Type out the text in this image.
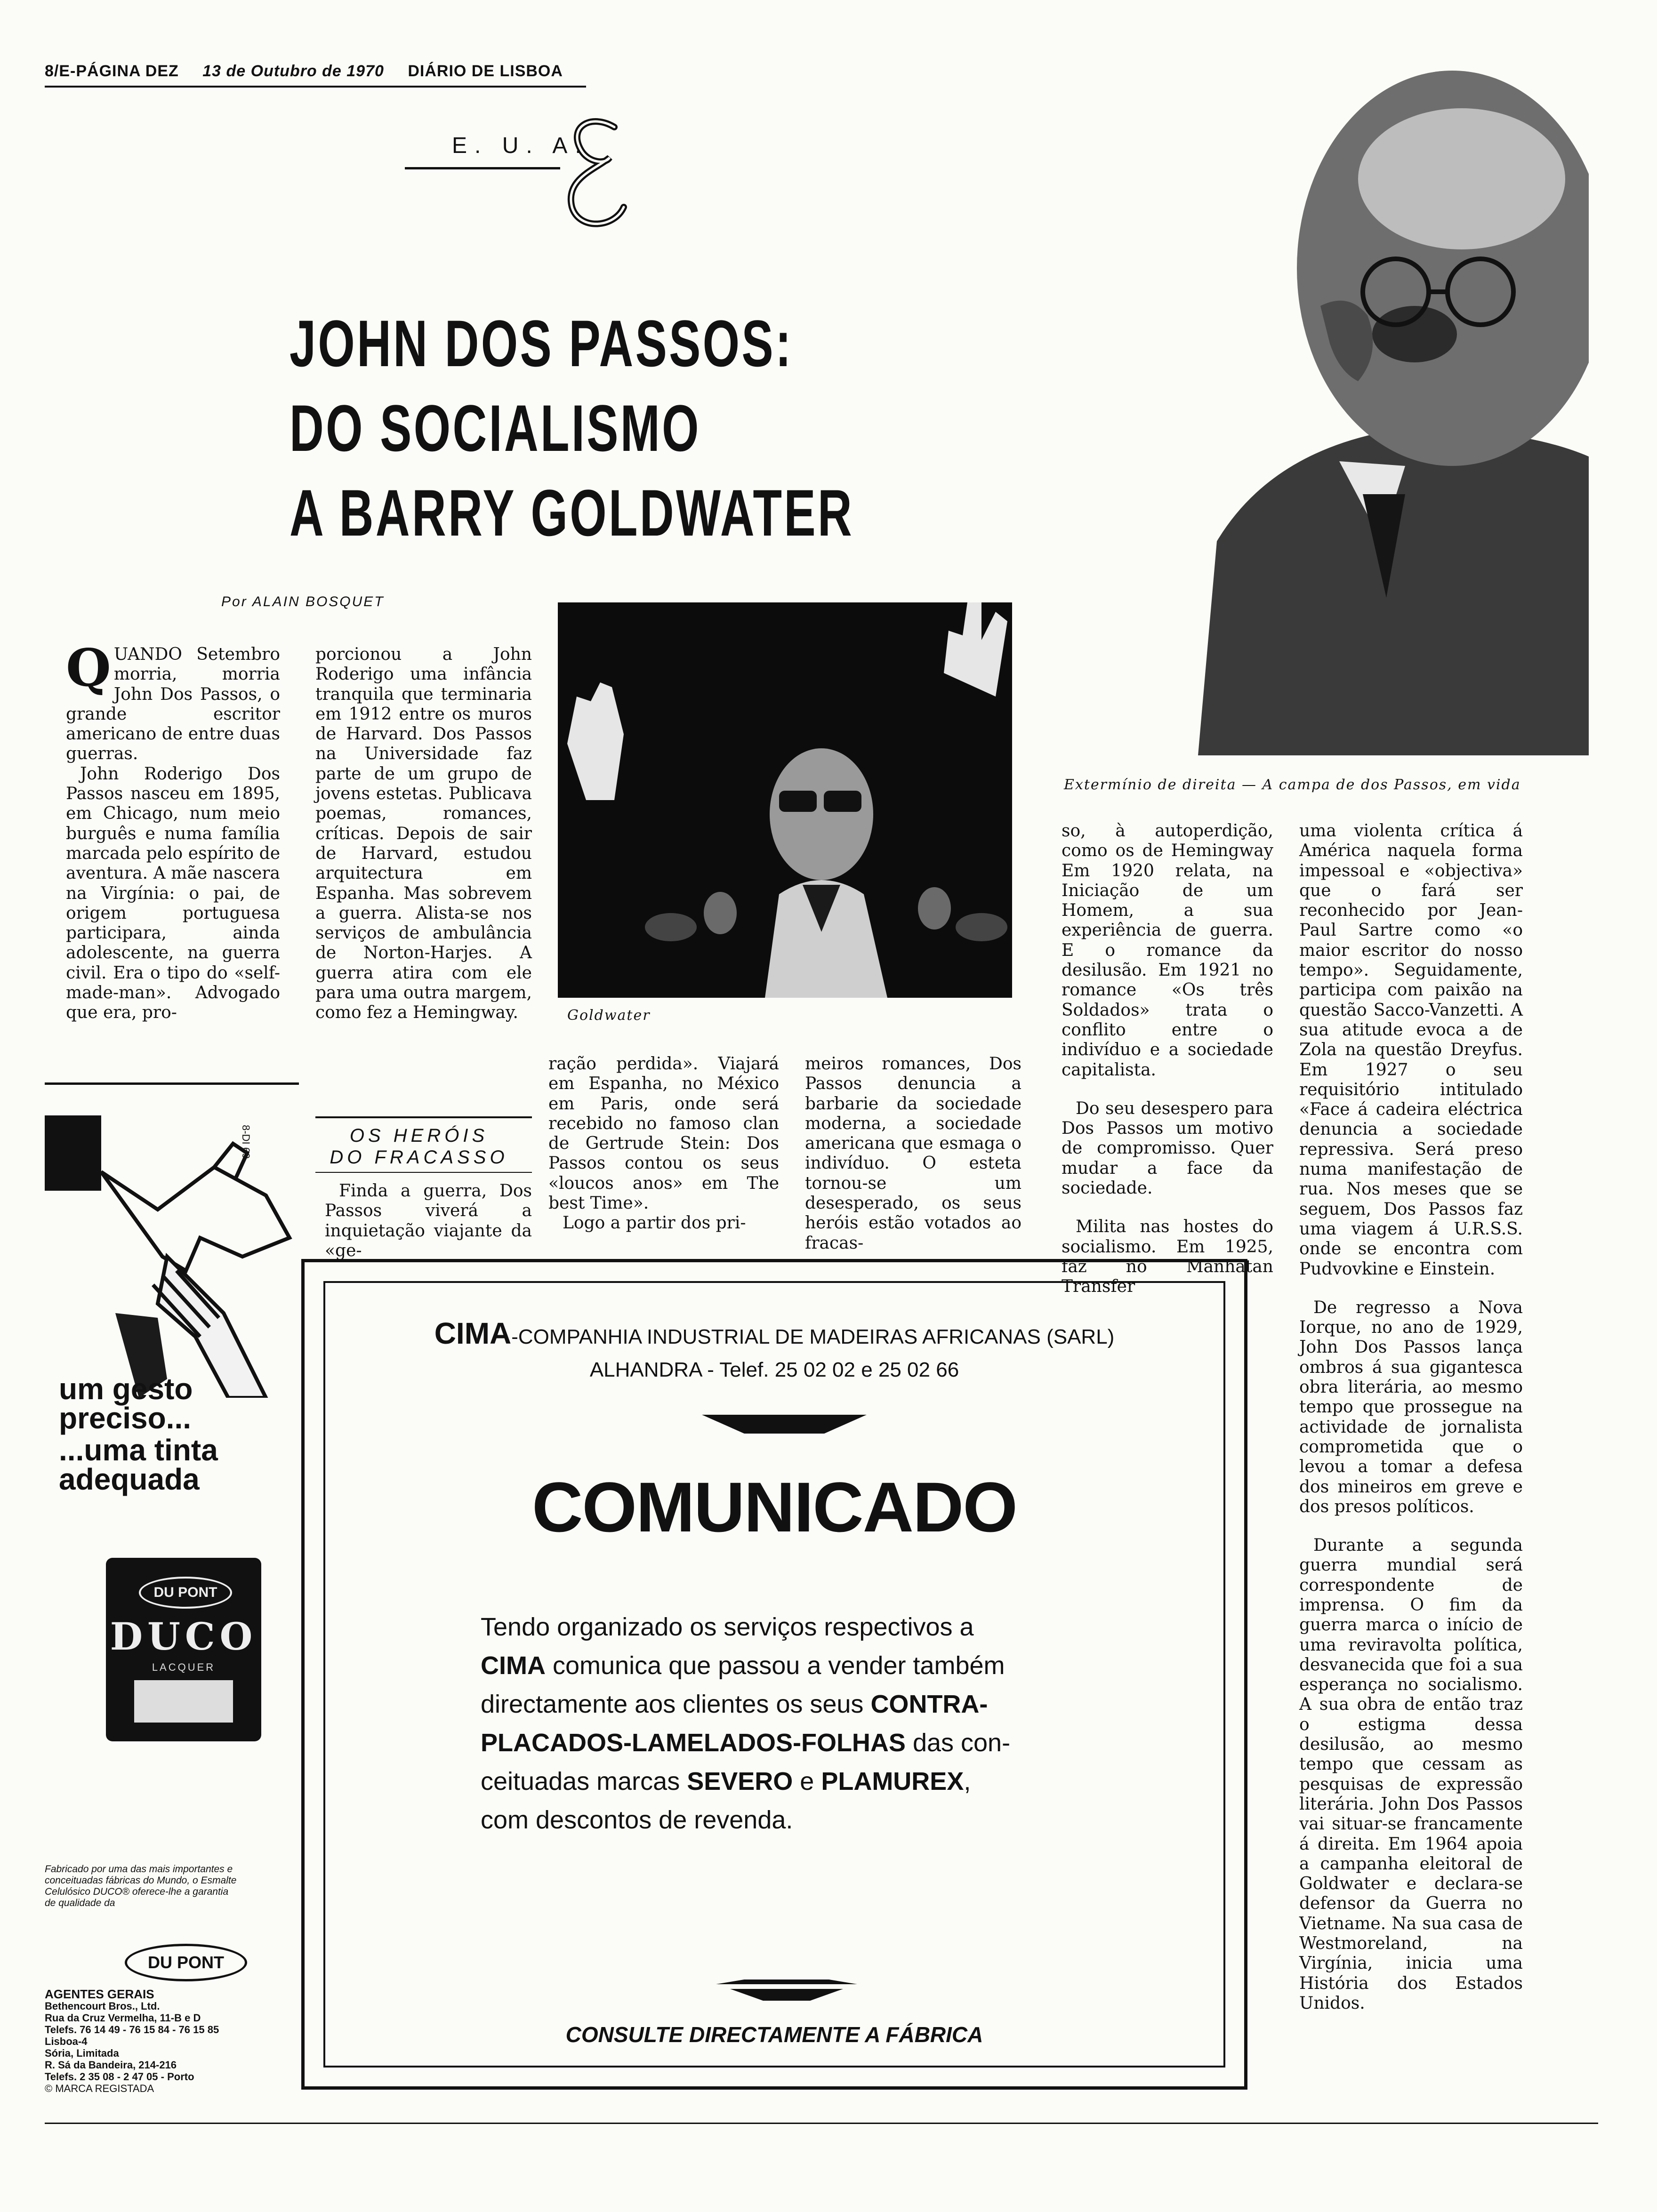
8/E-PÁGINA DEZ 13 de Outubro de 1970 DIÁRIO DE LISBOA
E. U. A.
JOHN DOS PASSOS:
DO SOCIALISMO
A BARRY GOLDWATER
Por ALAIN BOSQUET
Extermínio de direita — A campa de dos Passos, em vida
Goldwater

QUANDO Setembro morria, morria John Dos Passos, o grande escritor americano de entre duas guerras.

John Roderigo Dos Passos nasceu em 1895, em Chicago, num meio burguês e numa família marcada pelo espírito de aventura. A mãe nascera na Virgínia: o pai, de origem portuguesa participara, ainda adolescente, na guerra civil. Era o tipo do «self-made-man». Advogado que era, pro-

porcionou a John Roderigo uma infância tranquila que terminaria em 1912 entre os muros de Harvard. Dos Passos na Universidade faz parte de um grupo de jovens estetas. Publicava poemas, romances, críticas. Depois de sair de Harvard, estudou arquitectura em Espanha. Mas sobrevem a guerra. Alista-se nos serviços de ambulância de Norton-Harjes. A guerra atira com ele para uma outra margem, como fez a Hemingway.

OS HERÓIS
DO FRACASSO

Finda a guerra, Dos Passos viverá a inquietação viajante da «ge-

ração perdida». Viajará em Espanha, no México em Paris, onde será recebido no famoso clan de Gertrude Stein: Dos Passos contou os seus «loucos anos» em The best Time».

Logo a partir dos pri-

meiros romances, Dos Passos denuncia a barbarie da sociedade moderna, a sociedade americana que esmaga o indivíduo. O esteta tornou-se um desesperado, os seus heróis estão votados ao fracas-

so, à autoperdição, como os de Hemingway Em 1920 relata, na Iniciação de um Homem, a sua experiência de guerra. E o romance da desilusão. Em 1921 no romance «Os três Soldados» trata o conflito entre o indivíduo e a sociedade capitalista.

Do seu desespero para Dos Passos um motivo de compromisso. Quer mudar a face da sociedade.

Milita nas hostes do socialismo. Em 1925, faz no Manhatan Transfer

uma violenta crítica á América naquela forma impessoal e «objectiva» que o fará ser reconhecido por Jean-Paul Sartre como «o maior escritor do nosso tempo». Seguidamente, participa com paixão na questão Sacco-Vanzetti. A sua atitude evoca a de Zola na questão Dreyfus. Em 1927 o seu requisitório intitulado «Face á cadeira eléctrica denuncia a sociedade repressiva. Será preso numa manifestação de rua. Nos meses que se seguem, Dos Passos faz uma viagem á U.R.S.S. onde se encontra com Pudvovkine e Einstein.

De regresso a Nova Iorque, no ano de 1929, John Dos Passos lança ombros á sua gigantesca obra literária, ao mesmo tempo que prossegue na actividade de jornalista comprometida que o levou a tomar a defesa dos mineiros em greve e dos presos políticos.

Durante a segunda guerra mundial será correspondente de imprensa. O fim da guerra marca o início de uma reviravolta política, desvanecida que foi a sua esperança no socialismo. A sua obra de então traz o estigma dessa desilusão, ao mesmo tempo que cessam as pesquisas de expressão literária. John Dos Passos vai situar-se francamente á direita. Em 1964 apoia a campanha eleitoral de Goldwater e declara-se defensor da Guerra no Vietname. Na sua casa de Westmoreland, na Virgínia, inicia uma História dos Estados Unidos.

8-DI 69
um gesto preciso...
...uma tinta adequada
DU PONT
DUCO
LACQUER
Fabricado por uma das mais importantes e conceituadas fábricas do Mundo, o Esmalte Celulósico DUCO® oferece-lhe a garantia de qualidade da
DU PONT
AGENTES GERAIS
Bethencourt Bros., Ltd.
Rua da Cruz Vermelha, 11-B e D
Telefs. 76 14 49 - 76 15 84 - 76 15 85
Lisboa-4
Sória, Limitada
R. Sá da Bandeira, 214-216
Telefs. 2 35 08 - 2 47 05 - Porto
© MARCA REGISTADA
CIMA-COMPANHIA INDUSTRIAL DE MADEIRAS AFRICANAS (SARL)
ALHANDRA - Telef. 25 02 02 e 25 02 66
COMUNICADO
Tendo organizado os serviços respectivos a
CIMA comunica que passou a vender também
directamente aos clientes os seus CONTRA-
PLACADOS-LAMELADOS-FOLHAS das con-
ceituadas marcas SEVERO e PLAMUREX,
com descontos de revenda.
CONSULTE DIRECTAMENTE A FÁBRICA
